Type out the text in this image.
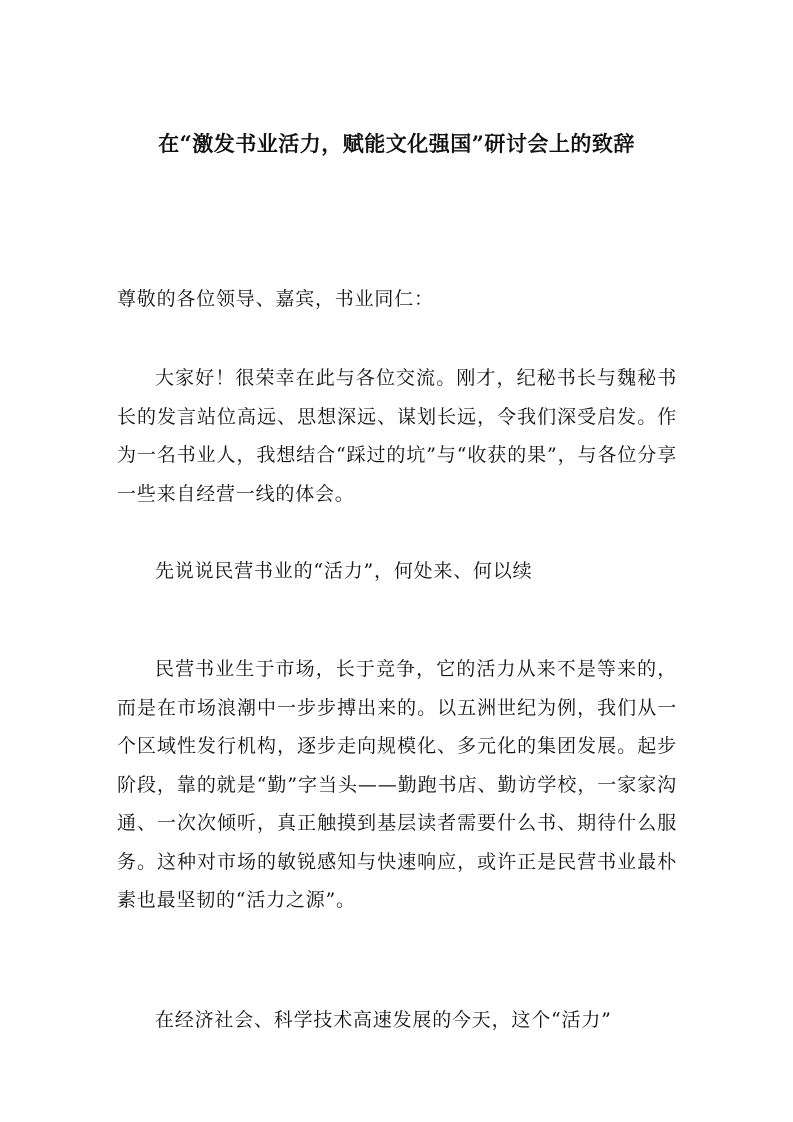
在“激发书业活力，赋能文化强国”研讨会上的致辞
尊敬的各位领导、嘉宾，书业同仁：
大家好！很荣幸在此与各位交流。刚才，纪秘书长与魏秘书长的发言站位高远、思想深远、谋划长远，令我们深受启发。作为一名书业人，我想结合“踩过的坑”与“收获的果”，与各位分享一些来自经营一线的体会。
先说说民营书业的“活力”，何处来、何以续
民营书业生于市场，长于竞争，它的活力从来不是等来的，而是在市场浪潮中一步步搏出来的。以五洲世纪为例，我们从一个区域性发行机构，逐步走向规模化、多元化的集团发展。起步阶段，靠的就是“勤”字当头——勤跑书店、勤访学校，一家家沟通、一次次倾听，真正触摸到基层读者需要什么书、期待什么服务。这种对市场的敏锐感知与快速响应，或许正是民营书业最朴素也最坚韧的“活力之源”。
在经济社会、科学技术高速发展的今天，这个“活力”
